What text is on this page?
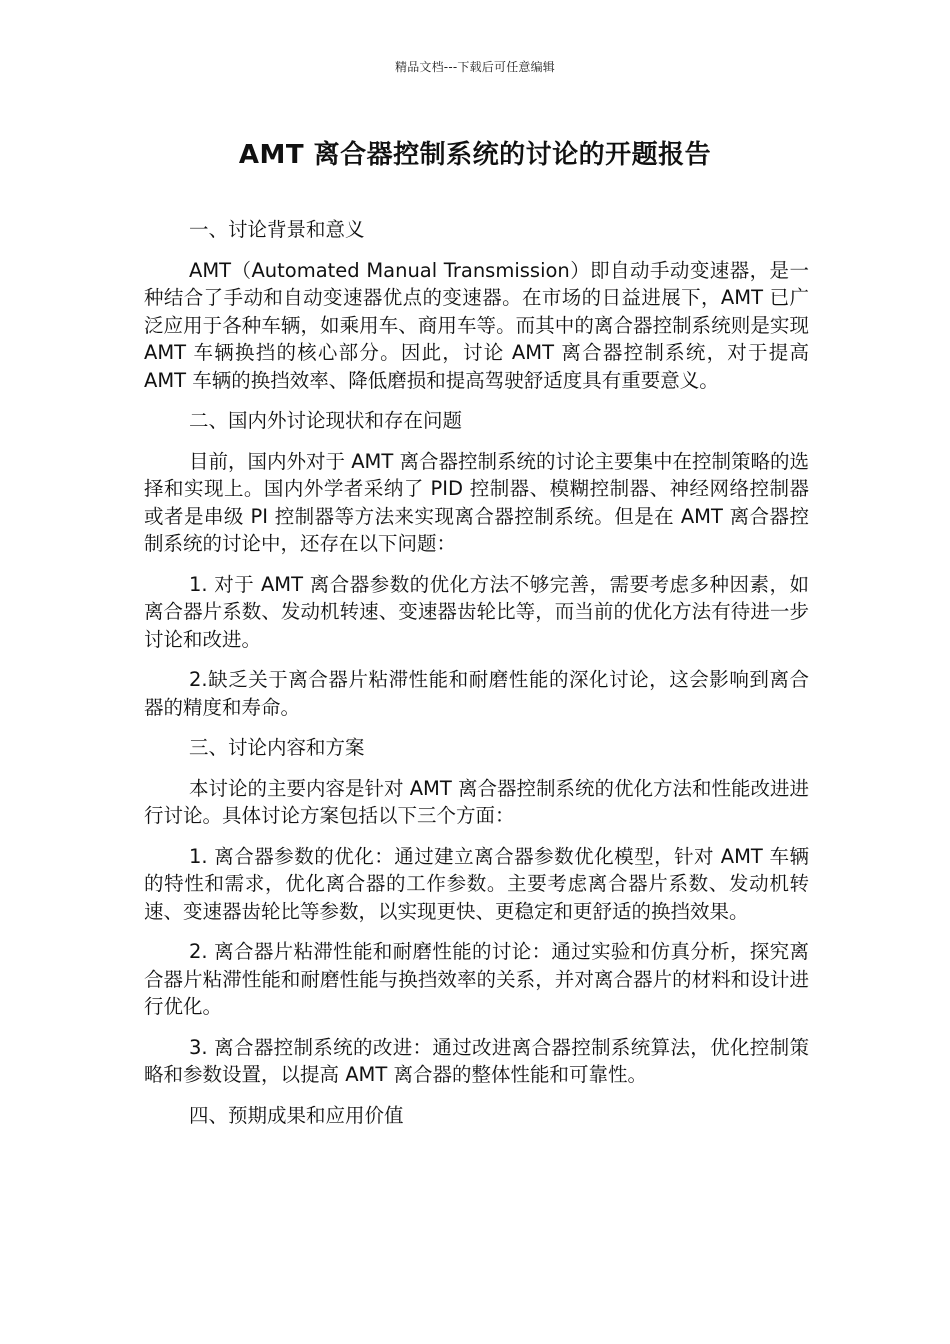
精品文档---下载后可任意编辑
AMT 离合器控制系统的讨论的开题报告

一、讨论背景和意义

AMT（Automated Manual Transmission）即自动手动变速器，是一种结合了手动和自动变速器优点的变速器。在市场的日益进展下，AMT 已广泛应用于各种车辆，如乘用车、商用车等。而其中的离合器控制系统则是实现 AMT 车辆换挡的核心部分。因此，讨论 AMT 离合器控制系统，对于提高 AMT 车辆的换挡效率、降低磨损和提高驾驶舒适度具有重要意义。

二、国内外讨论现状和存在问题

目前，国内外对于 AMT 离合器控制系统的讨论主要集中在控制策略的选择和实现上。国内外学者采纳了 PID 控制器、模糊控制器、神经网络控制器或者是串级 PI 控制器等方法来实现离合器控制系统。但是在 AMT 离合器控制系统的讨论中，还存在以下问题：

1. 对于 AMT 离合器参数的优化方法不够完善，需要考虑多种因素，如离合器片系数、发动机转速、变速器齿轮比等，而当前的优化方法有待进一步讨论和改进。

2.缺乏关于离合器片粘滞性能和耐磨性能的深化讨论，这会影响到离合器的精度和寿命。

三、讨论内容和方案

本讨论的主要内容是针对 AMT 离合器控制系统的优化方法和性能改进进行讨论。具体讨论方案包括以下三个方面：

1. 离合器参数的优化：通过建立离合器参数优化模型，针对 AMT 车辆的特性和需求，优化离合器的工作参数。主要考虑离合器片系数、发动机转速、变速器齿轮比等参数，以实现更快、更稳定和更舒适的换挡效果。

2. 离合器片粘滞性能和耐磨性能的讨论：通过实验和仿真分析，探究离合器片粘滞性能和耐磨性能与换挡效率的关系，并对离合器片的材料和设计进行优化。

3. 离合器控制系统的改进：通过改进离合器控制系统算法，优化控制策略和参数设置，以提高 AMT 离合器的整体性能和可靠性。

四、预期成果和应用价值
